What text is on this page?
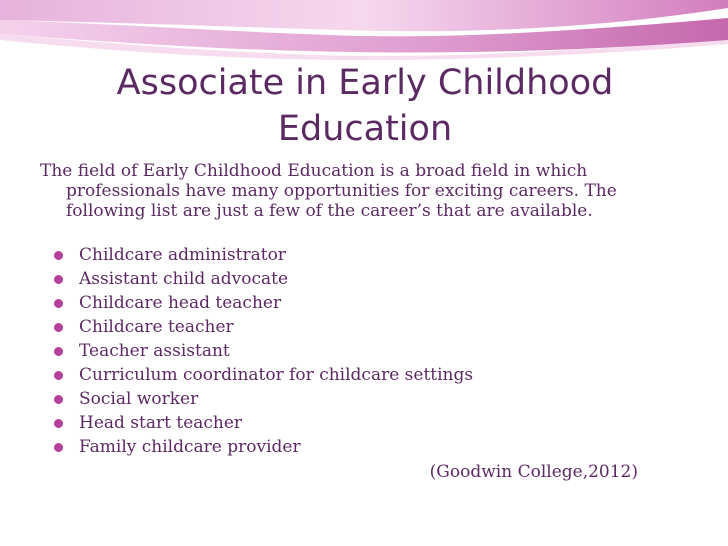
Associate in Early Childhood
Education
The field of Early Childhood Education is a broad field in which
professionals have many opportunities for exciting careers. The
following list are just a few of the career’s that are available.
Childcare administrator
Assistant child advocate
Childcare head teacher
Childcare teacher
Teacher assistant
Curriculum coordinator for childcare settings
Social worker
Head start teacher
Family childcare provider
(Goodwin College,2012)
